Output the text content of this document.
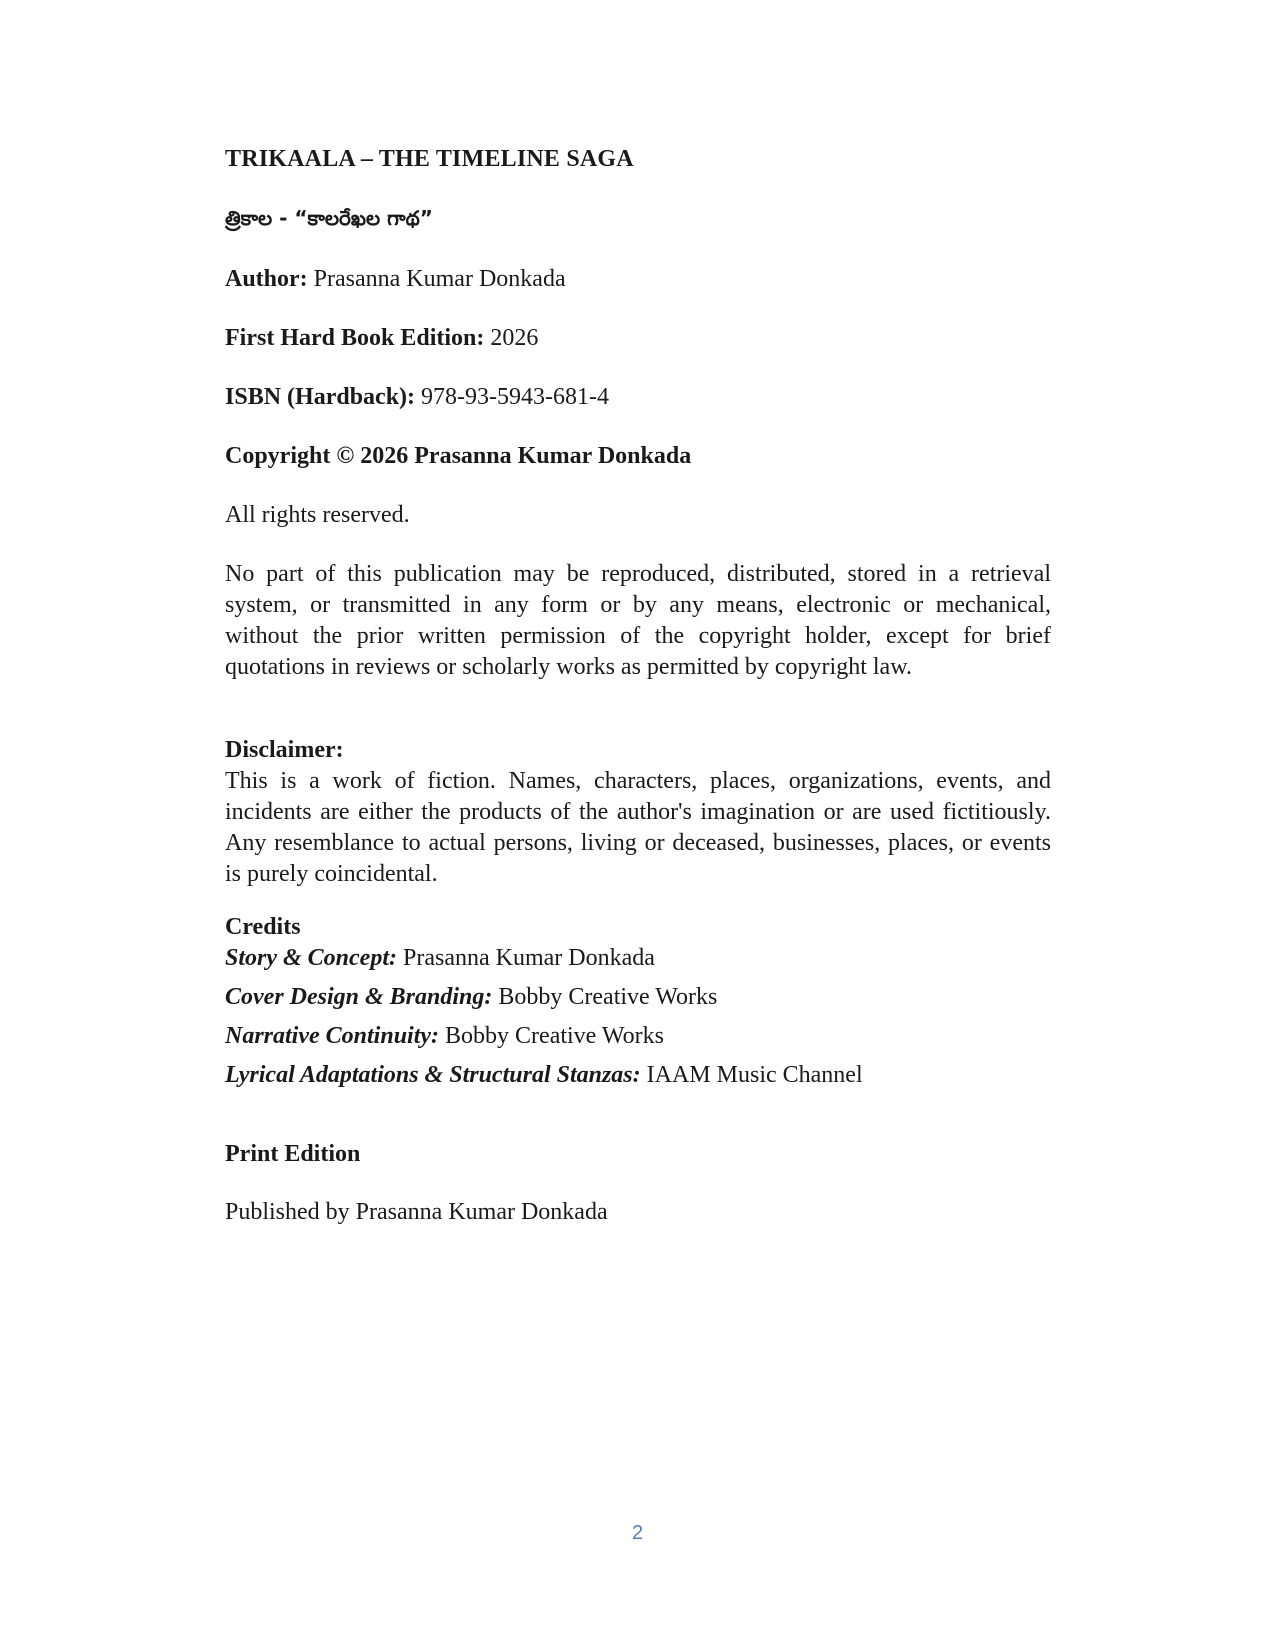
TRIKAALA – THE TIMELINE SAGA

త్రికాల - “కాలరేఖల గాథ”

Author: Prasanna Kumar Donkada

First Hard Book Edition: 2026

ISBN (Hardback): 978-93-5943-681-4

Copyright © 2026 Prasanna Kumar Donkada

All rights reserved.

No part of this publication may be reproduced, distributed, stored in a retrieval system, or transmitted in any form or by any means, electronic or mechanical, without the prior written permission of the copyright holder, except for brief quotations in reviews or scholarly works as permitted by copyright law.

Disclaimer:
This is a work of fiction. Names, characters, places, organizations, events, and incidents are either the products of the author's imagination or are used fictitiously. Any resemblance to actual persons, living or deceased, businesses, places, or events is purely coincidental.
Credits
Story & Concept: Prasanna Kumar Donkada
Cover Design & Branding: Bobby Creative Works
Narrative Continuity: Bobby Creative Works
Lyrical Adaptations & Structural Stanzas: IAAM Music Channel

Print Edition

Published by Prasanna Kumar Donkada

2
